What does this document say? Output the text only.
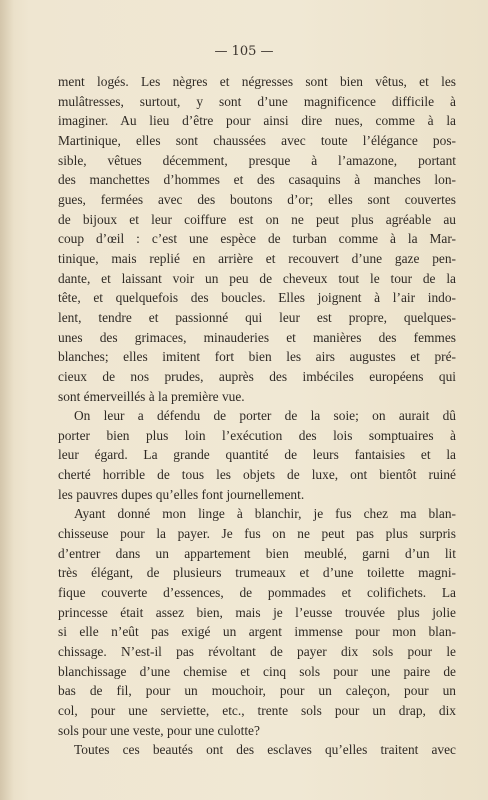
— 105 —
ment logés. Les nègres et négresses sont bien vêtus, et les
mulâtresses, surtout, y sont d’une magnificence difficile à
imaginer. Au lieu d’être pour ainsi dire nues, comme à la
Martinique, elles sont chaussées avec toute l’élégance pos-
sible, vêtues décemment, presque à l’amazone, portant
des manchettes d’hommes et des casaquins à manches lon-
gues, fermées avec des boutons d’or; elles sont couvertes
de bijoux et leur coiffure est on ne peut plus agréable au
coup d’œil : c’est une espèce de turban comme à la Mar-
tinique, mais replié en arrière et recouvert d’une gaze pen-
dante, et laissant voir un peu de cheveux tout le tour de la
tête, et quelquefois des boucles. Elles joignent à l’air indo-
lent, tendre et passionné qui leur est propre, quelques-
unes des grimaces, minauderies et manières des femmes
blanches; elles imitent fort bien les airs augustes et pré-
cieux de nos prudes, auprès des imbéciles européens qui
sont émerveillés à la première vue.
On leur a défendu de porter de la soie; on aurait dû
porter bien plus loin l’exécution des lois somptuaires à
leur égard. La grande quantité de leurs fantaisies et la
cherté horrible de tous les objets de luxe, ont bientôt ruiné
les pauvres dupes qu’elles font journellement.
Ayant donné mon linge à blanchir, je fus chez ma blan-
chisseuse pour la payer. Je fus on ne peut pas plus surpris
d’entrer dans un appartement bien meublé, garni d’un lit
très élégant, de plusieurs trumeaux et d’une toilette magni-
fique couverte d’essences, de pommades et colifichets. La
princesse était assez bien, mais je l’eusse trouvée plus jolie
si elle n’eût pas exigé un argent immense pour mon blan-
chissage. N’est-il pas révoltant de payer dix sols pour le
blanchissage d’une chemise et cinq sols pour une paire de
bas de fil, pour un mouchoir, pour un caleçon, pour un
col, pour une serviette, etc., trente sols pour un drap, dix
sols pour une veste, pour une culotte?
Toutes ces beautés ont des esclaves qu’elles traitent avec
